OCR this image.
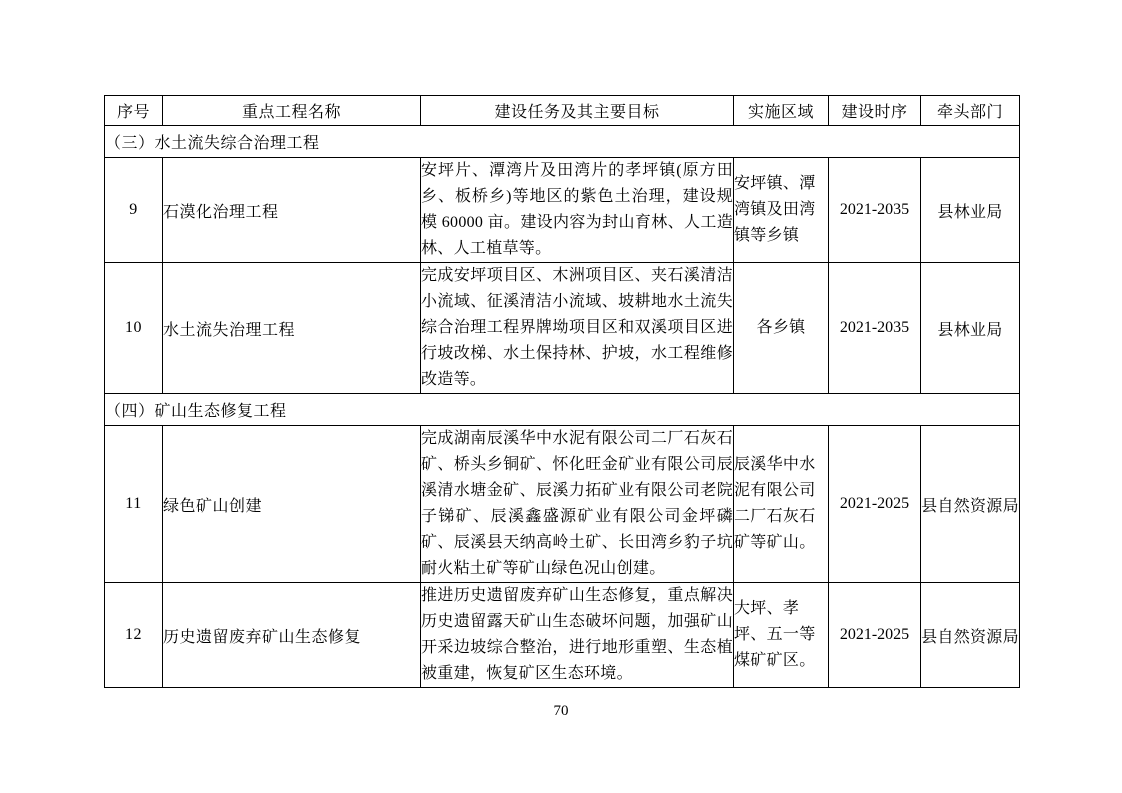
序号	重点工程名称	建设任务及其主要目标	实施区域	建设时序	牵头部门
（三）水土流失综合治理工程					
9	石漠化治理工程	安坪片、潭湾片及田湾片的孝坪镇(原方田乡、板桥乡)等地区的紫色土治理，建设规模 60000 亩。建设内容为封山育林、人工造林、人工植草等。	安坪镇、潭湾镇及田湾镇等乡镇	2021-2035	县林业局
10	水土流失治理工程	完成安坪项目区、木洲项目区、夹石溪清洁小流域、征溪清洁小流域、坡耕地水土流失综合治理工程界牌坳项目区和双溪项目区进行坡改梯、水土保持林、护坡，水工程维修改造等。	各乡镇	2021-2035	县林业局
（四）矿山生态修复工程					
11	绿色矿山创建	完成湖南辰溪华中水泥有限公司二厂石灰石矿、桥头乡铜矿、怀化旺金矿业有限公司辰溪清水塘金矿、辰溪力拓矿业有限公司老院子锑矿、辰溪鑫盛源矿业有限公司金坪磷矿、辰溪县天纳高岭土矿、长田湾乡豹子坑耐火粘土矿等矿山绿色况山创建。	辰溪华中水泥有限公司二厂石灰石矿等矿山。	2021-2025	县自然资源局
12	历史遗留废弃矿山生态修复	推进历史遗留废弃矿山生态修复，重点解决历史遗留露天矿山生态破坏问题，加强矿山开采边坡综合整治，进行地形重塑、生态植被重建，恢复矿区生态环境。	大坪、孝坪、五一等煤矿矿区。	2021-2025	县自然资源局
70
